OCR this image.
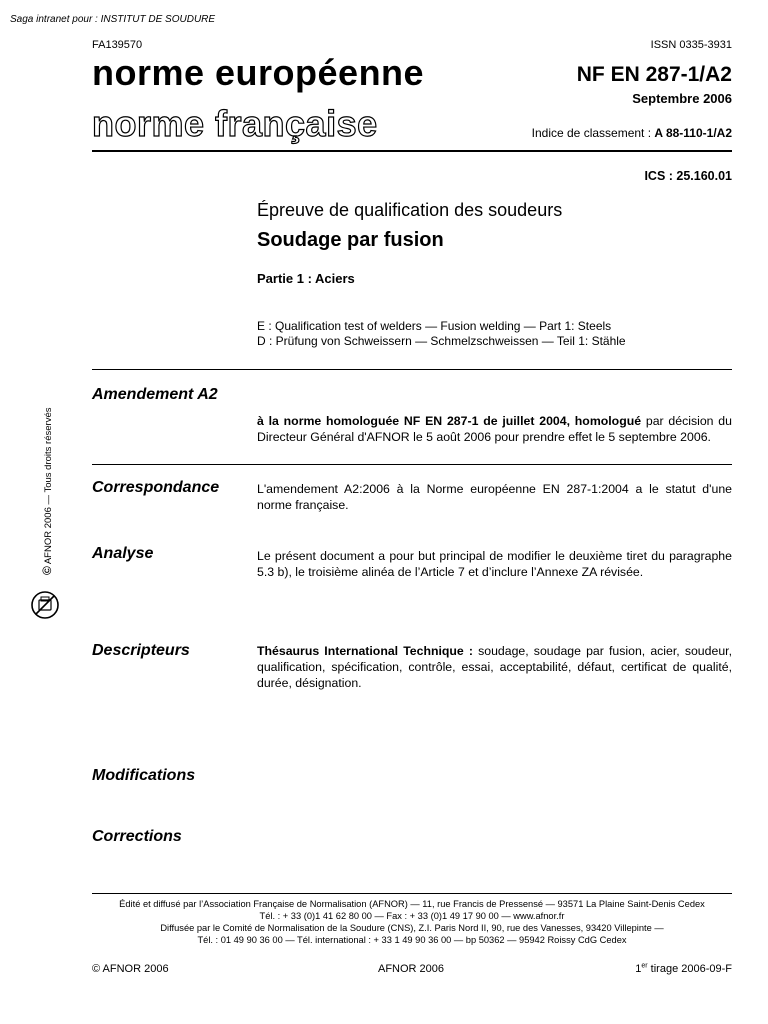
Saga intranet pour : INSTITUT DE SOUDURE
FA139570	ISSN 0335-3931
norme européenne
norme française
NF EN 287-1/A2
Septembre 2006
Indice de classement : A 88-110-1/A2
ICS : 25.160.01
Épreuve de qualification des soudeurs
Soudage par fusion
Partie 1 : Aciers
E : Qualification test of welders — Fusion welding — Part 1: Steels
D : Prüfung von Schweissern — Schmelzschweissen — Teil 1: Stähle
Amendement A2
à la norme homologuée NF EN 287-1 de juillet 2004, homologué par décision du Directeur Général d'AFNOR le 5 août 2006 pour prendre effet le 5 septembre 2006.
Correspondance	L'amendement A2:2006 à la Norme européenne EN 287-1:2004 a le statut d'une norme française.
Analyse	Le présent document a pour but principal de modifier le deuxième tiret du paragraphe 5.3 b), le troisième alinéa de l’Article 7 et d’inclure l’Annexe ZA révisée.
Descripteurs	Thésaurus International Technique : soudage, soudage par fusion, acier, soudeur, qualification, spécification, contrôle, essai, acceptabilité, défaut, certificat de qualité, durée, désignation.
Modifications
Corrections
©AFNOR 2006 — Tous droits réservés
Édité et diffusé par l’Association Française de Normalisation (AFNOR) — 11, rue Francis de Pressensé — 93571 La Plaine Saint-Denis Cedex
Tél. : + 33 (0)1 41 62 80 00 — Fax : + 33 (0)1 49 17 90 00 — www.afnor.fr
Diffusée par le Comité de Normalisation de la Soudure (CNS), Z.I. Paris Nord II, 90, rue des Vanesses, 93420 Villepinte —
Tél. : 01 49 90 36 00 — Tél. international : + 33 1 49 90 36 00 — bp 50362 — 95942 Roissy CdG Cedex
© AFNOR 2006	AFNOR 2006	1er tirage 2006-09-F
